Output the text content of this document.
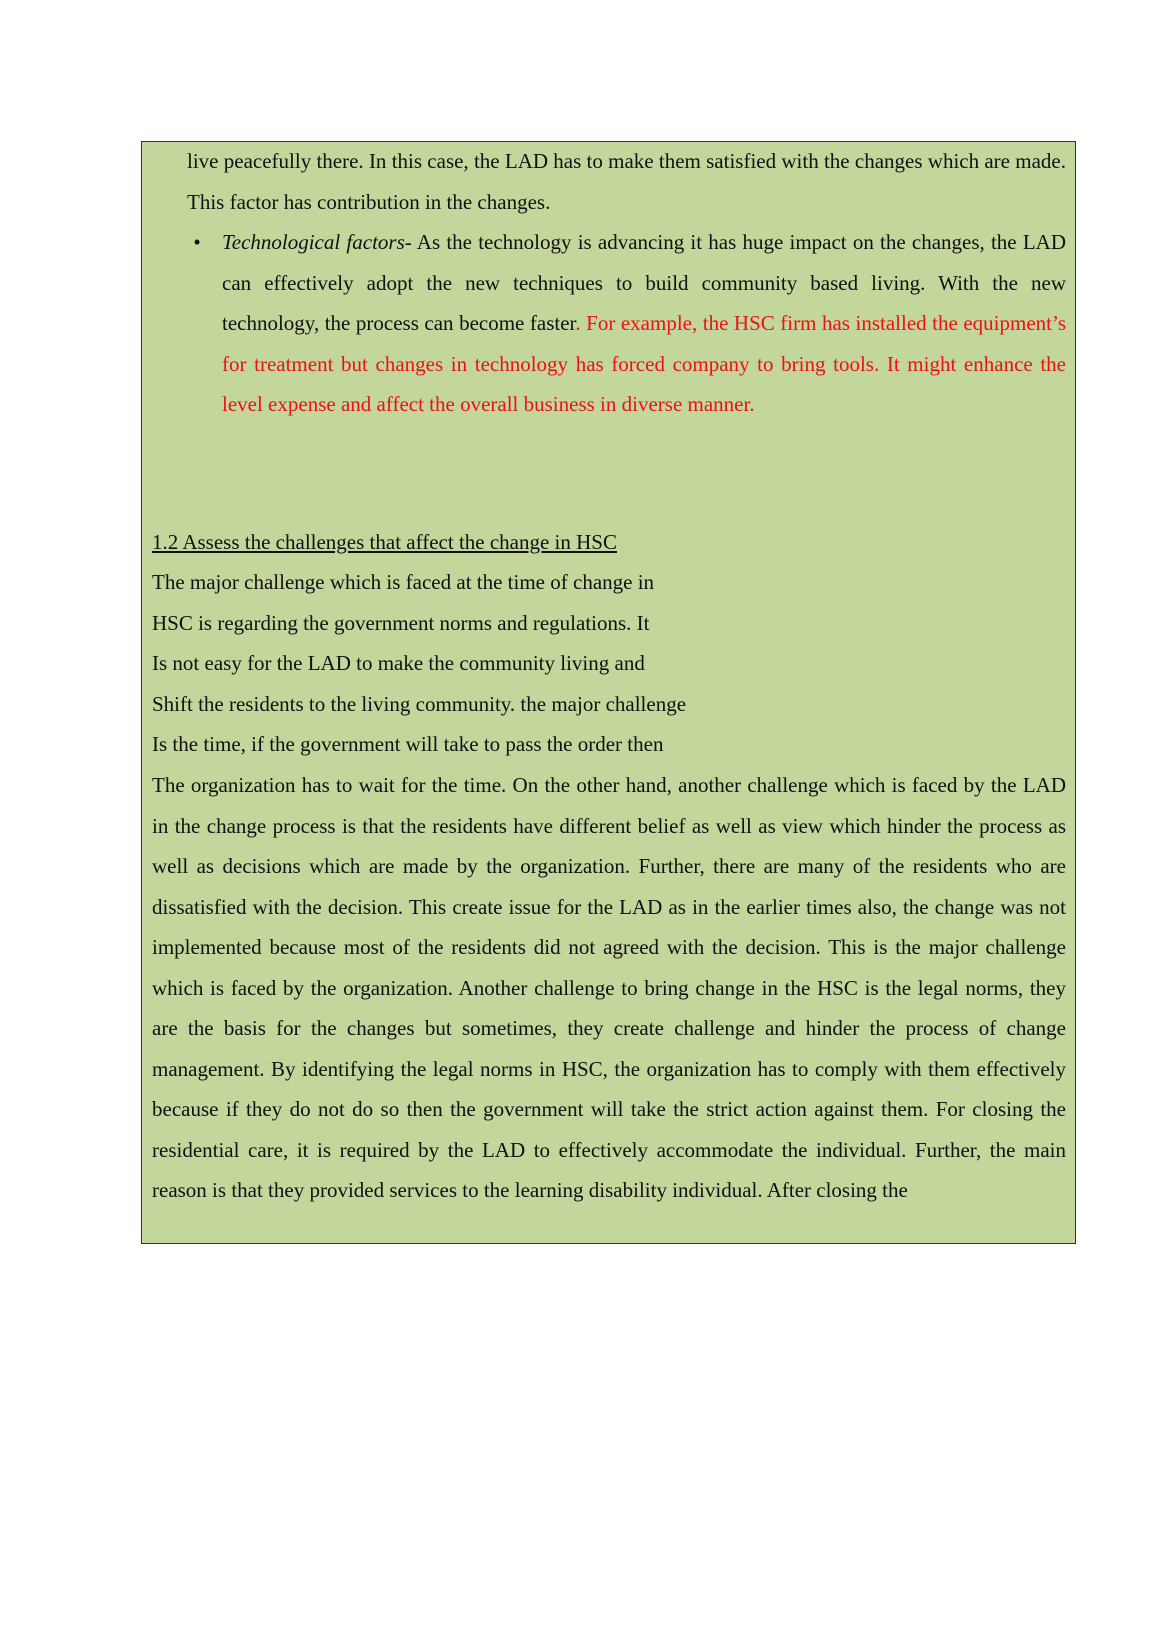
live peacefully there. In this case, the LAD has to make them satisfied with the changes which are made. This factor has contribution in the changes.
•	Technological factors- As the technology is advancing it has huge impact on the changes, the LAD can effectively adopt the new techniques to build community based living. With the new technology, the process can become faster. For example, the HSC firm has installed the equipment’s for treatment but changes in technology has forced company to bring tools. It might enhance the level expense and affect the overall business in diverse manner.
1.2 Assess the challenges that affect the change in HSC
The major challenge which is faced at the time of change in
HSC is regarding the government norms and regulations. It
Is not easy for the LAD to make the community living and
Shift the residents to the living community. the major challenge
Is the time, if the government will take to pass the order then
The organization has to wait for the time. On the other hand, another challenge which is faced by the LAD in the change process is that the residents have different belief as well as view which hinder the process as well as decisions which are made by the organization. Further, there are many of the residents who are dissatisfied with the decision. This create issue for the LAD as in the earlier times also, the change was not implemented because most of the residents did not agreed with the decision. This is the major challenge which is faced by the organization. Another challenge to bring change in the HSC is the legal norms, they are the basis for the changes but sometimes, they create challenge and hinder the process of change management. By identifying the legal norms in HSC, the organization has to comply with them effectively because if they do not do so then the government will take the strict action against them. For closing the residential care, it is required by the LAD to effectively accommodate the individual. Further, the main reason is that they provided services to the learning disability individual. After closing the
